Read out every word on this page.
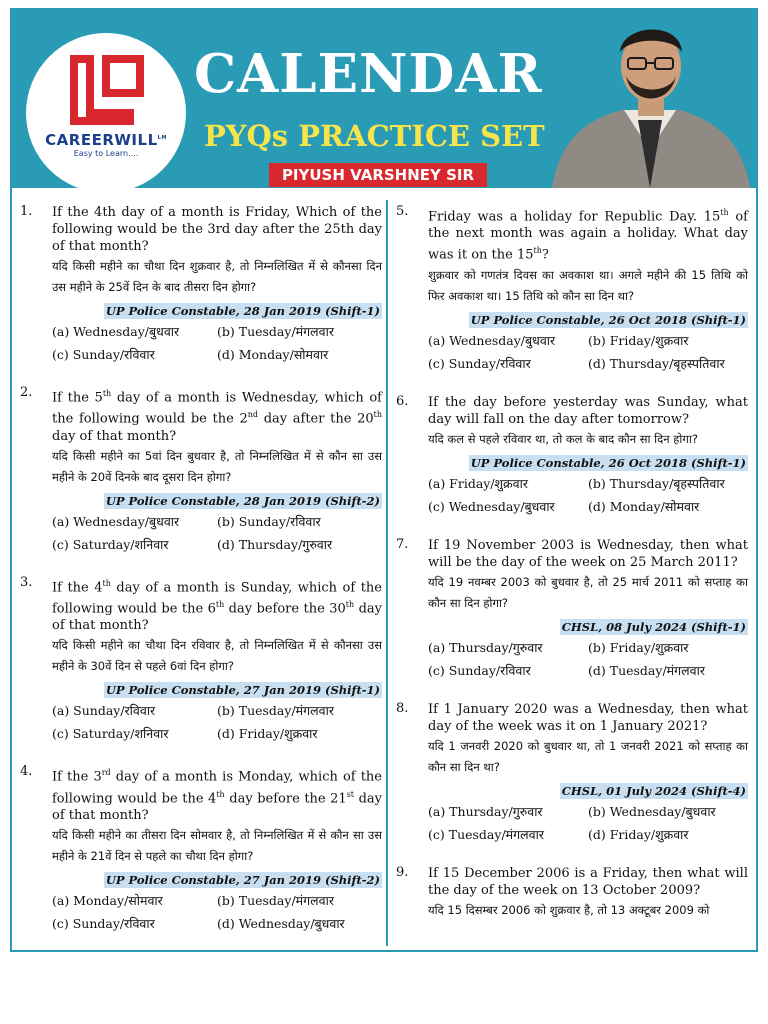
$CAREERWILL^{LM}$
Easy to Learn....
CALENDAR
PYQs PRACTICE SET
PIYUSH VARSHNEY SIR
1.	If the 4th day of a month is Friday, Which of the following would be the 3rd day after the 25th day of that month?
यदि किसी महीने का चौथा दिन शुक्रवार है, तो निम्नलिखित में से कौनसा दिन उस महीने के 25वें दिन के बाद तीसरा दिन होगा?
UP Police Constable, 28 Jan 2019 (Shift-1)
(a) Wednesday/बुधवार	(b) Tuesday/मंगलवार
(c) Sunday/रविवार	(d) Monday/सोमवार
2.	If the 5th day of a month is Wednesday, which of the following would be the 2nd day after the 20th day of that month?
यदि किसी महीने का 5वां दिन बुधवार है, तो निम्नलिखित में से कौन सा उस महीने के 20वें दिनके बाद दूसरा दिन होगा?
UP Police Constable, 28 Jan 2019 (Shift-2)
(a) Wednesday/बुधवार	(b) Sunday/रविवार
(c) Saturday/शनिवार	(d) Thursday/गुरुवार
3.	If the 4th day of a month is Sunday, which of the following would be the 6th day before the 30th day of that month?
यदि किसी महीने का चौथा दिन रविवार है, तो निम्नलिखित में से कौनसा उस महीने के 30वें दिन से पहले 6वां दिन होगा?
UP Police Constable, 27 Jan 2019 (Shift-1)
(a) Sunday/रविवार	(b) Tuesday/मंगलवार
(c) Saturday/शनिवार	(d) Friday/शुक्रवार
4.	If the 3rd day of a month is Monday, which of the following would be the 4th day before the 21st day of that month?
यदि किसी महीने का तीसरा दिन सोमवार है, तो निम्नलिखित में से कौन सा उस महीने के 21वें दिन से पहले का चौथा दिन होगा?
UP Police Constable, 27 Jan 2019 (Shift-2)
(a) Monday/सोमवार	(b) Tuesday/मंगलवार
(c) Sunday/रविवार	(d) Wednesday/बुधवार
5.	Friday was a holiday for Republic Day. 15th of the next month was again a holiday. What day was it on the 15th?
शुक्रवार को गणतंत्र दिवस का अवकाश था। अगले महीने की 15 तिथि को फिर अवकाश था। 15 तिथि को कौन सा दिन था?
UP Police Constable, 26 Oct 2018 (Shift-1)
(a) Wednesday/बुधवार	(b) Friday/शुक्रवार
(c) Sunday/रविवार	(d) Thursday/बृहस्पतिवार
6.	If the day before yesterday was Sunday, what day will fall on the day after tomorrow?
यदि कल से पहले रविवार था, तो कल के बाद कौन सा दिन होगा?
UP Police Constable, 26 Oct 2018 (Shift-1)
(a) Friday/शुक्रवार	(b) Thursday/बृहस्पतिवार
(c) Wednesday/बुधवार	(d) Monday/सोमवार
7.	If 19 November 2003 is Wednesday, then what will be the day of the week on 25 March 2011?
यदि 19 नवम्बर 2003 को बुधवार है, तो 25 मार्च 2011 को सप्ताह का कौन सा दिन होगा?
CHSL, 08 July 2024 (Shift-1)
(a) Thursday/गुरुवार	(b) Friday/शुक्रवार
(c) Sunday/रविवार	(d) Tuesday/मंगलवार
8.	If 1 January 2020 was a Wednesday, then what day of the week was it on 1 January 2021?
यदि 1 जनवरी 2020 को बुधवार था, तो 1 जनवरी 2021 को सप्ताह का कौन सा दिन था?
CHSL, 01 July 2024 (Shift-4)
(a) Thursday/गुरुवार	(b) Wednesday/बुधवार
(c) Tuesday/मंगलवार	(d) Friday/शुक्रवार
9.	If 15 December 2006 is a Friday, then what will the day of the week on 13 October 2009?
यदि 15 दिसम्बर 2006 को शुक्रवार है, तो 13 अक्टूबर 2009 को
